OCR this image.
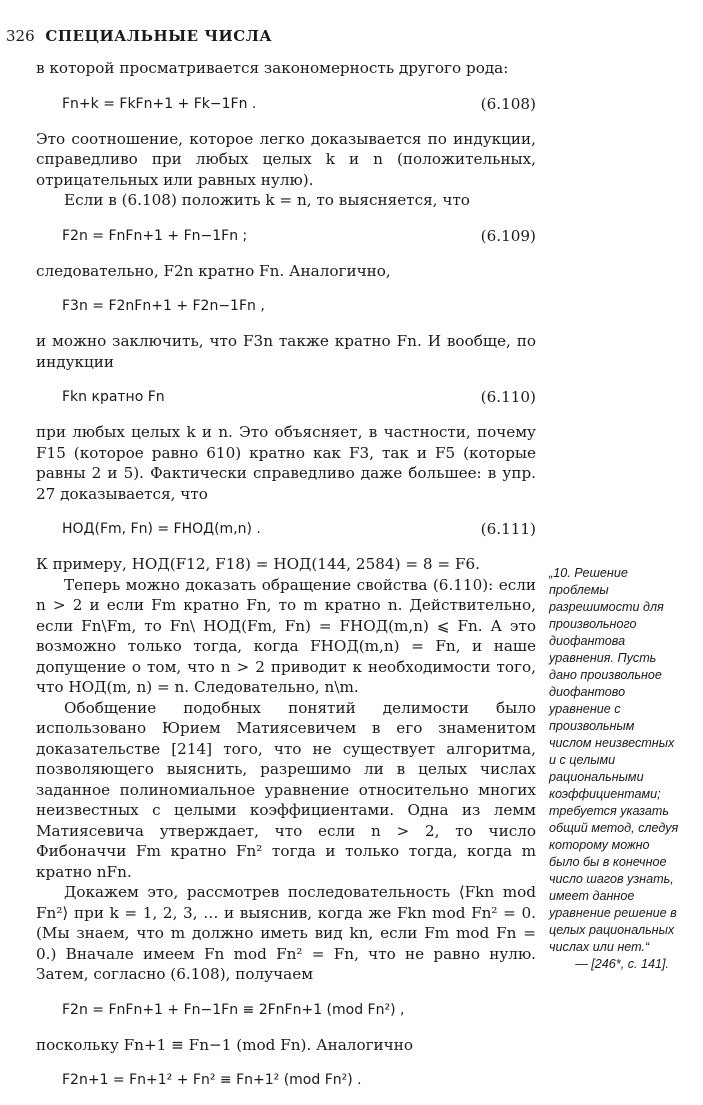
326 СПЕЦИАЛЬНЫЕ ЧИСЛА

в которой просматривается закономерность другого рода:

Fn+k = FkFn+1 + Fk−1Fn .	(6.108)

Это соотношение, которое легко доказывается по индукции, справедливо при любых целых k и n (положительных, отрицательных или равных нулю).

Если в (6.108) положить k = n, то выясняется, что

F2n = FnFn+1 + Fn−1Fn ;	(6.109)

следовательно, F2n кратно Fn. Аналогично,

F3n = F2nFn+1 + F2n−1Fn ,

и можно заключить, что F3n также кратно Fn. И вообще, по индукции

Fkn кратно Fn	(6.110)

при любых целых k и n. Это объясняет, в частности, почему F15 (которое равно 610) кратно как F3, так и F5 (которые равны 2 и 5). Фактически справедливо даже большее: в упр. 27 доказывается, что

НОД(Fm, Fn) = FНОД(m,n) .	(6.111)

К примеру, НОД(F12, F18) = НОД(144, 2584) = 8 = F6.

Теперь можно доказать обращение свойства (6.110): если n > 2 и если Fm кратно Fn, то m кратно n. Действительно, если Fn\Fm, то Fn\ НОД(Fm, Fn) = FНОД(m,n) ⩽ Fn. А это возможно только тогда, когда FНОД(m,n) = Fn, и наше допущение о том, что n > 2 приводит к необходимости того, что НОД(m, n) = n. Следовательно, n\m.

Обобщение подобных понятий делимости было использовано Юрием Матиясевичем в его знаменитом доказательстве [214] того, что не существует алгоритма, позволяющего выяснить, разрешимо ли в целых числах заданное полиномиальное уравнение относительно многих неизвестных с целыми коэффициентами. Одна из лемм Матиясевича утверждает, что если n > 2, то число Фибоначчи Fm кратно Fn² тогда и только тогда, когда m кратно nFn.

Докажем это, рассмотрев последовательность ⟨Fkn mod Fn²⟩ при k = 1, 2, 3, … и выяснив, когда же Fkn mod Fn² = 0. (Мы знаем, что m должно иметь вид kn, если Fm mod Fn = 0.) Вначале имеем Fn mod Fn² = Fn, что не равно нулю. Затем, согласно (6.108), получаем

F2n = FnFn+1 + Fn−1Fn ≡ 2FnFn+1 (mod Fn²) ,

поскольку Fn+1 ≡ Fn−1 (mod Fn). Аналогично

F2n+1 = Fn+1² + Fn² ≡ Fn+1² (mod Fn²) .
„10. Решение проблемы разрешимости для произвольного диофантова уравнения. Пусть дано произвольное диофантово уравнение с произвольным числом неизвестных и с целыми рациональными коэффициентами; требуется указать общий метод, следуя которому можно было бы в конечное число шагов узнать, имеет данное уравнение решение в целых рациональных числах или нет.“
— [246*, с. 141].
